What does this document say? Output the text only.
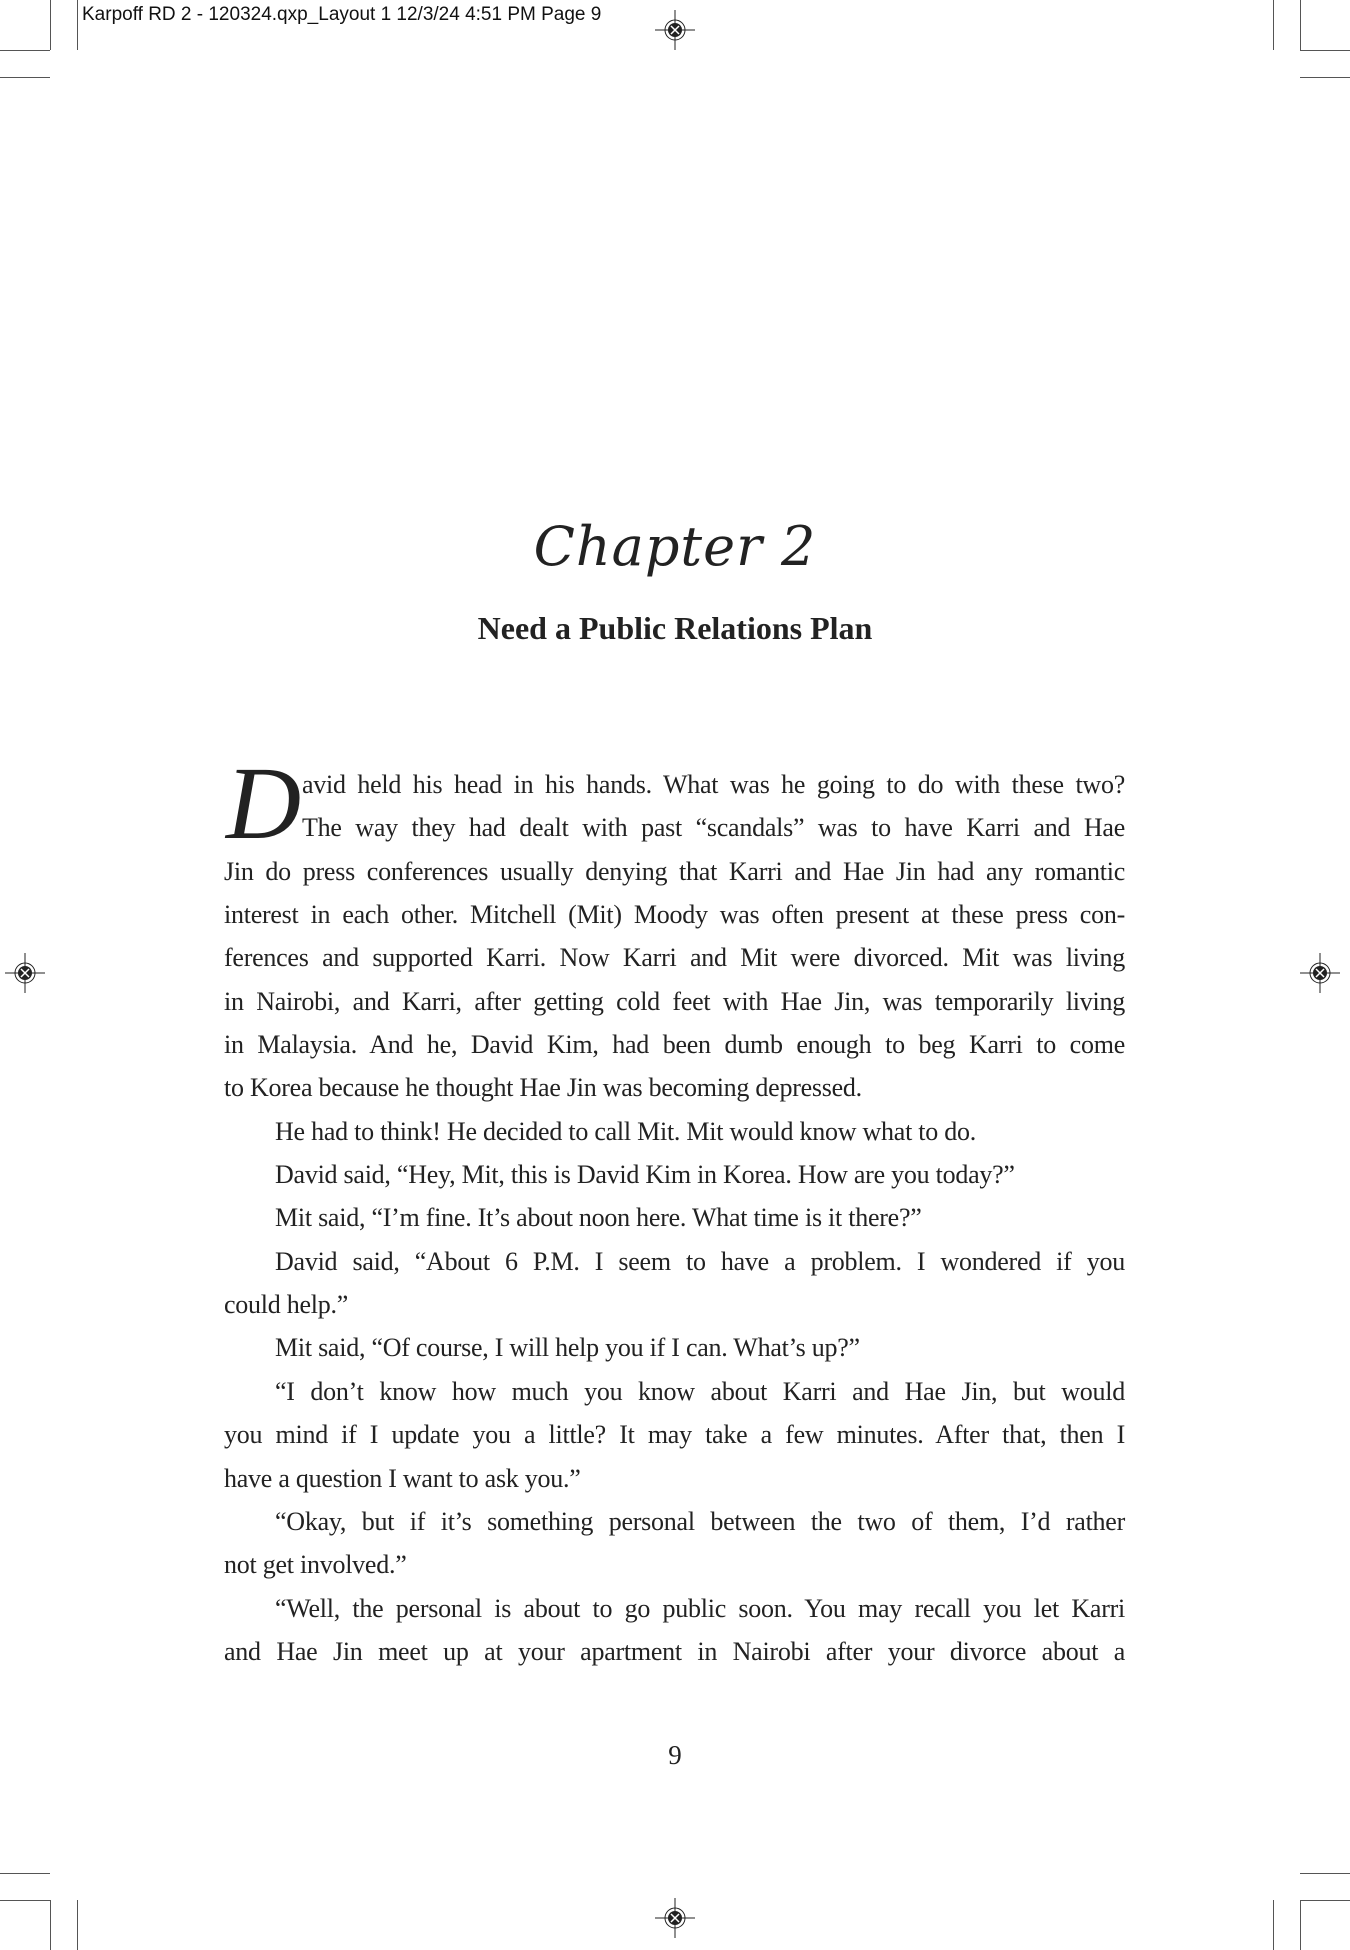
Karpoff RD 2 - 120324.qxp_Layout 1 12/3/24 4:51 PM Page 9
Chapter 2
Need a Public Relations Plan
D avid held his head in his hands. What was he going to do with these two?
The way they had dealt with past “scandals” was to have Karri and Hae
Jin do press conferences usually denying that Karri and Hae Jin had any romantic
interest in each other. Mitchell (Mit) Moody was often present at these press con-
ferences and supported Karri. Now Karri and Mit were divorced. Mit was living
in Nairobi, and Karri, after getting cold feet with Hae Jin, was temporarily living
in Malaysia. And he, David Kim, had been dumb enough to beg Karri to come
to Korea because he thought Hae Jin was becoming depressed.
He had to think! He decided to call Mit. Mit would know what to do.
David said, “Hey, Mit, this is David Kim in Korea. How are you today?”
Mit said, “I’m fine. It’s about noon here. What time is it there?”
David said, “About 6 P.M. I seem to have a problem. I wondered if you
could help.”
Mit said, “Of course, I will help you if I can. What’s up?”
“I don’t know how much you know about Karri and Hae Jin, but would
you mind if I update you a little? It may take a few minutes. After that, then I
have a question I want to ask you.”
“Okay, but if it’s something personal between the two of them, I’d rather
not get involved.”
“Well, the personal is about to go public soon. You may recall you let Karri
and Hae Jin meet up at your apartment in Nairobi after your divorce about a
9
